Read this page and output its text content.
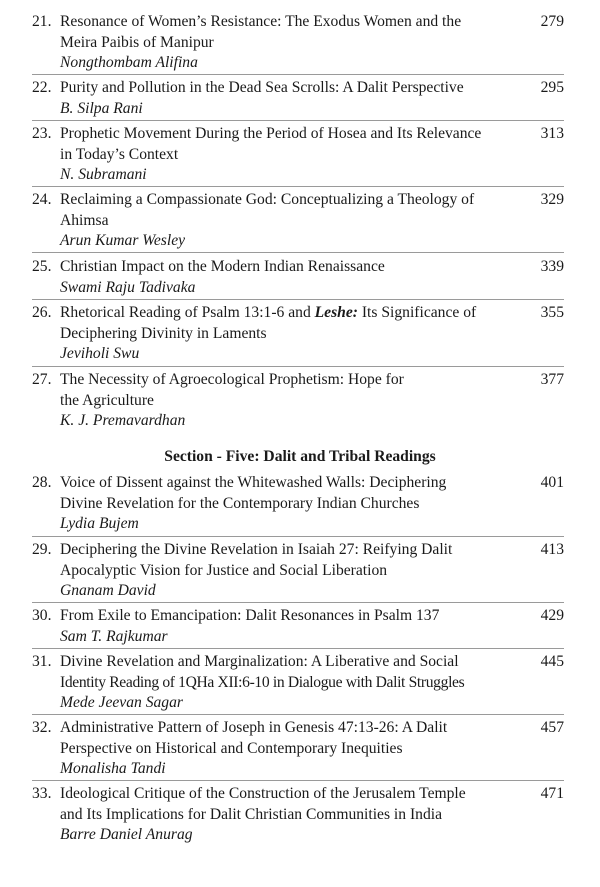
21. Resonance of Women’s Resistance: The Exodus Women and the
Meira Paibis of Manipur
Nongthombam Alifina
279
22. Purity and Pollution in the Dead Sea Scrolls: A Dalit Perspective
B. Silpa Rani
295
23. Prophetic Movement During the Period of Hosea and Its Relevance
in Today’s Context
N. Subramani
313
24. Reclaiming a Compassionate God: Conceptualizing a Theology of
Ahimsa
Arun Kumar Wesley
329
25. Christian Impact on the Modern Indian Renaissance
Swami Raju Tadivaka
339
26. Rhetorical Reading of Psalm 13:1-6 and Leshe: Its Significance of
Deciphering Divinity in Laments
Jeviholi Swu
355
27. The Necessity of Agroecological Prophetism: Hope for
the Agriculture
K. J. Premavardhan
377
Section - Five: Dalit and Tribal Readings
28. Voice of Dissent against the Whitewashed Walls: Deciphering
Divine Revelation for the Contemporary Indian Churches
Lydia Bujem
401
29. Deciphering the Divine Revelation in Isaiah 27: Reifying Dalit
Apocalyptic Vision for Justice and Social Liberation
Gnanam David
413
30. From Exile to Emancipation: Dalit Resonances in Psalm 137
Sam T. Rajkumar
429
31. Divine Revelation and Marginalization: A Liberative and Social
Identity Reading of 1QHa XII:6-10 in Dialogue with Dalit Struggles
Mede Jeevan Sagar
445
32. Administrative Pattern of Joseph in Genesis 47:13-26: A Dalit
Perspective on Historical and Contemporary Inequities
Monalisha Tandi
457
33. Ideological Critique of the Construction of the Jerusalem Temple
and Its Implications for Dalit Christian Communities in India
Barre Daniel Anurag
471
